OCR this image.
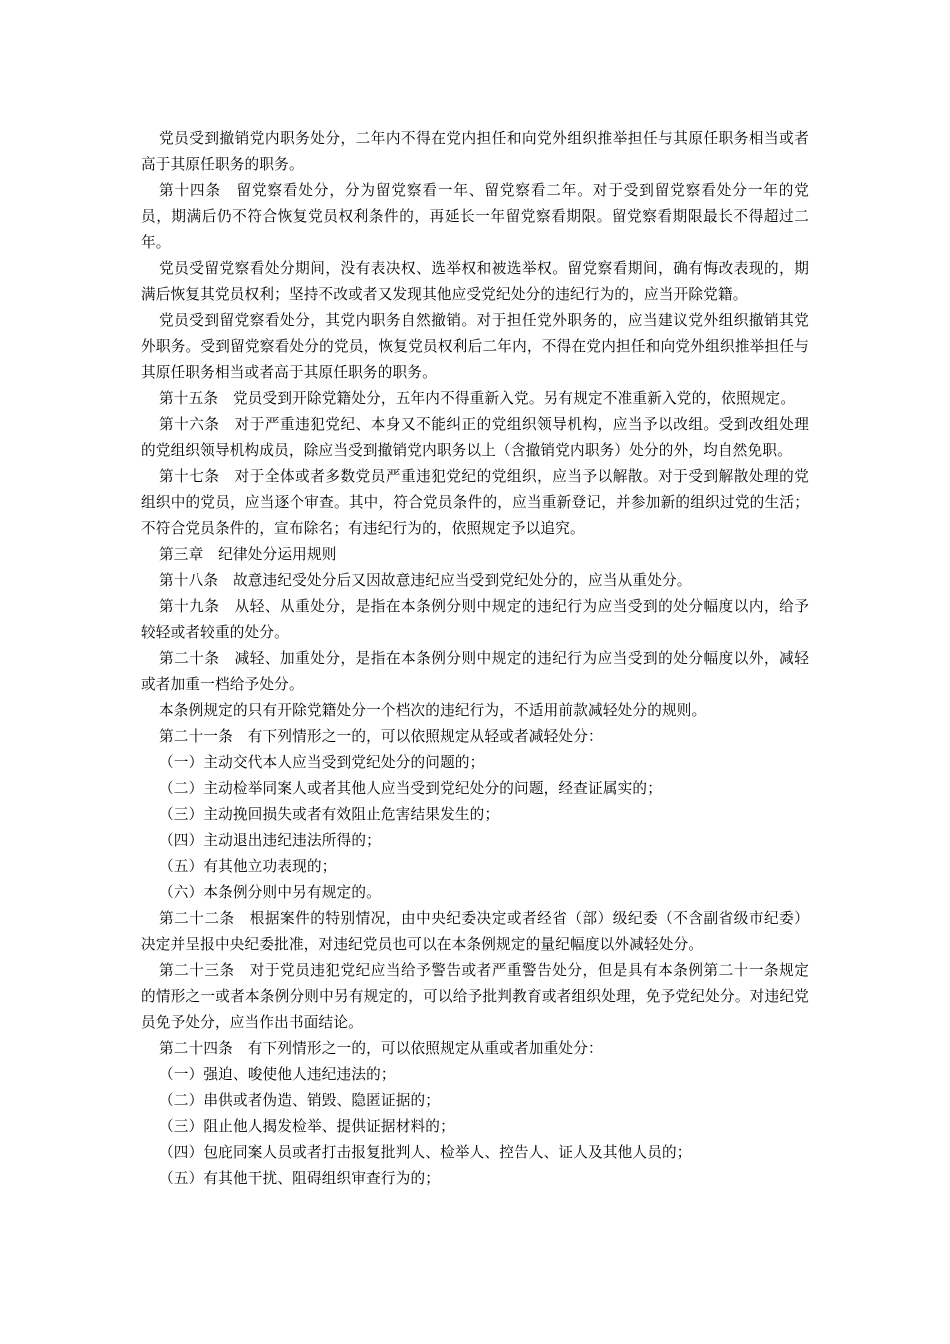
党员受到撤销党内职务处分，二年内不得在党内担任和向党外组织推举担任与其原任职务相当或者高于其原任职务的职务。

第十四条　留党察看处分，分为留党察看一年、留党察看二年。对于受到留党察看处分一年的党员，期满后仍不符合恢复党员权利条件的，再延长一年留党察看期限。留党察看期限最长不得超过二年。

党员受留党察看处分期间，没有表决权、选举权和被选举权。留党察看期间，确有悔改表现的，期满后恢复其党员权利；坚持不改或者又发现其他应受党纪处分的违纪行为的，应当开除党籍。

党员受到留党察看处分，其党内职务自然撤销。对于担任党外职务的，应当建议党外组织撤销其党外职务。受到留党察看处分的党员，恢复党员权利后二年内，不得在党内担任和向党外组织推举担任与其原任职务相当或者高于其原任职务的职务。

第十五条　党员受到开除党籍处分，五年内不得重新入党。另有规定不准重新入党的，依照规定。

第十六条　对于严重违犯党纪、本身又不能纠正的党组织领导机构，应当予以改组。受到改组处理的党组织领导机构成员，除应当受到撤销党内职务以上（含撤销党内职务）处分的外，均自然免职。

第十七条　对于全体或者多数党员严重违犯党纪的党组织，应当予以解散。对于受到解散处理的党组织中的党员，应当逐个审查。其中，符合党员条件的，应当重新登记，并参加新的组织过党的生活；不符合党员条件的，宣布除名；有违纪行为的，依照规定予以追究。

第三章　纪律处分运用规则

第十八条　故意违纪受处分后又因故意违纪应当受到党纪处分的，应当从重处分。

第十九条　从轻、从重处分，是指在本条例分则中规定的违纪行为应当受到的处分幅度以内，给予较轻或者较重的处分。

第二十条　减轻、加重处分，是指在本条例分则中规定的违纪行为应当受到的处分幅度以外，减轻或者加重一档给予处分。

本条例规定的只有开除党籍处分一个档次的违纪行为，不适用前款减轻处分的规则。

第二十一条　有下列情形之一的，可以依照规定从轻或者减轻处分：

（一）主动交代本人应当受到党纪处分的问题的；

（二）主动检举同案人或者其他人应当受到党纪处分的问题，经查证属实的；

（三）主动挽回损失或者有效阻止危害结果发生的；

（四）主动退出违纪违法所得的；

（五）有其他立功表现的；

（六）本条例分则中另有规定的。

第二十二条　根据案件的特别情况，由中央纪委决定或者经省（部）级纪委（不含副省级市纪委）决定并呈报中央纪委批准，对违纪党员也可以在本条例规定的量纪幅度以外减轻处分。

第二十三条　对于党员违犯党纪应当给予警告或者严重警告处分，但是具有本条例第二十一条规定的情形之一或者本条例分则中另有规定的，可以给予批判教育或者组织处理，免予党纪处分。对违纪党员免予处分，应当作出书面结论。

第二十四条　有下列情形之一的，可以依照规定从重或者加重处分：

（一）强迫、唆使他人违纪违法的；

（二）串供或者伪造、销毁、隐匿证据的；

（三）阻止他人揭发检举、提供证据材料的；

（四）包庇同案人员或者打击报复批判人、检举人、控告人、证人及其他人员的；

（五）有其他干扰、阻碍组织审查行为的；
